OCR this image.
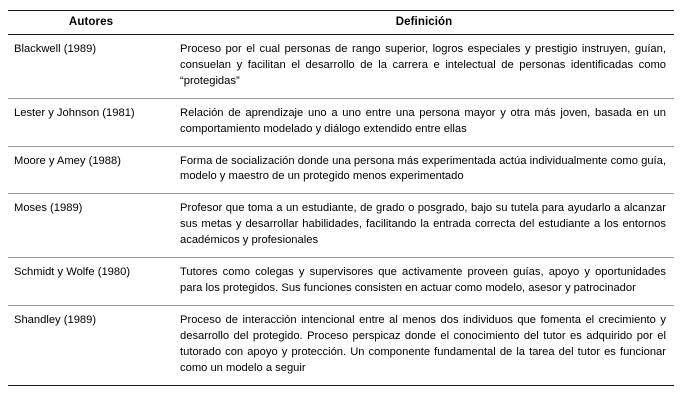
Autores	Definición
Blackwell (1989)	Proceso por el cual personas de rango superior, logros especiales y prestigio instruyen, guían, consuelan y facilitan el desarrollo de la carrera e intelectual de personas identificadas como “protegidas”
Lester y Johnson (1981)	Relación de aprendizaje uno a uno entre una persona mayor y otra más joven, basada en un comportamiento modelado y diálogo extendido entre ellas
Moore y Amey (1988)	Forma de socialización donde una persona más experimentada actúa individualmente como guía, modelo y maestro de un protegido menos experimentado
Moses (1989)	Profesor que toma a un estudiante, de grado o posgrado, bajo su tutela para ayudarlo a alcanzar sus metas y desarrollar habilidades, facilitando la entrada correcta del estudiante a los entornos académicos y profesionales
Schmidt y Wolfe (1980)	Tutores como colegas y supervisores que activamente proveen guías, apoyo y oportunidades para los protegidos. Sus funciones consisten en actuar como modelo, asesor y patrocinador
Shandley (1989)	Proceso de interacción intencional entre al menos dos individuos que fomenta el crecimiento y desarrollo del protegido. Proceso perspicaz donde el conocimiento del tutor es adquirido por el tutorado con apoyo y protección. Un componente fundamental de la tarea del tutor es funcionar como un modelo a seguir
